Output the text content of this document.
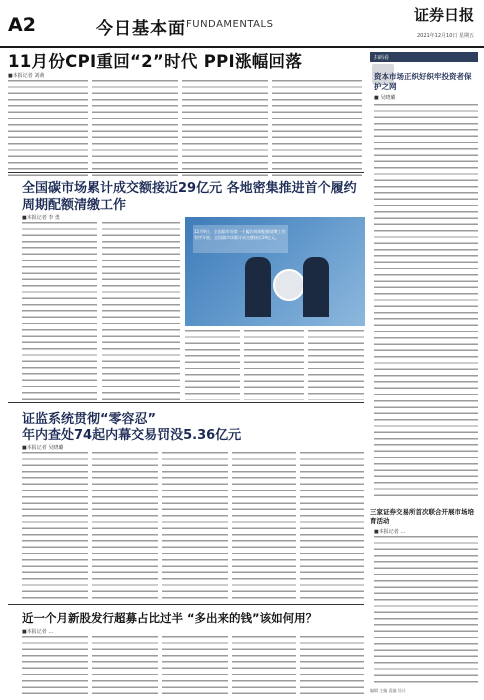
A2	今日基本面 FUNDAMENTALS
证券日报
2021年12月10日 星期五
11月份CPI重回“2”时代 PPI涨幅回落
■本报记者 刘萌
扫码看
资本市场正织好织牢投资者保护之网
■ 吴晓璐
三家证券交易所首次联合开展市场培育活动
■本报记者 …
编辑 主编 责编 设计
全国碳市场累计成交额接近29亿元 各地密集推进首个履约周期配额清缴工作
■本报记者 李 勇
12月9日，全国碳市场第一个履约周期配额清缴工作有序开展。全国碳市场累计成交额接近29亿元。
证监系统贯彻“零容忍”
年内查处74起内幕交易罚没5.36亿元
■本报记者 吴晓璐
近一个月新股发行超募占比过半 “多出来的钱”该如何用？
■本报记者 …
